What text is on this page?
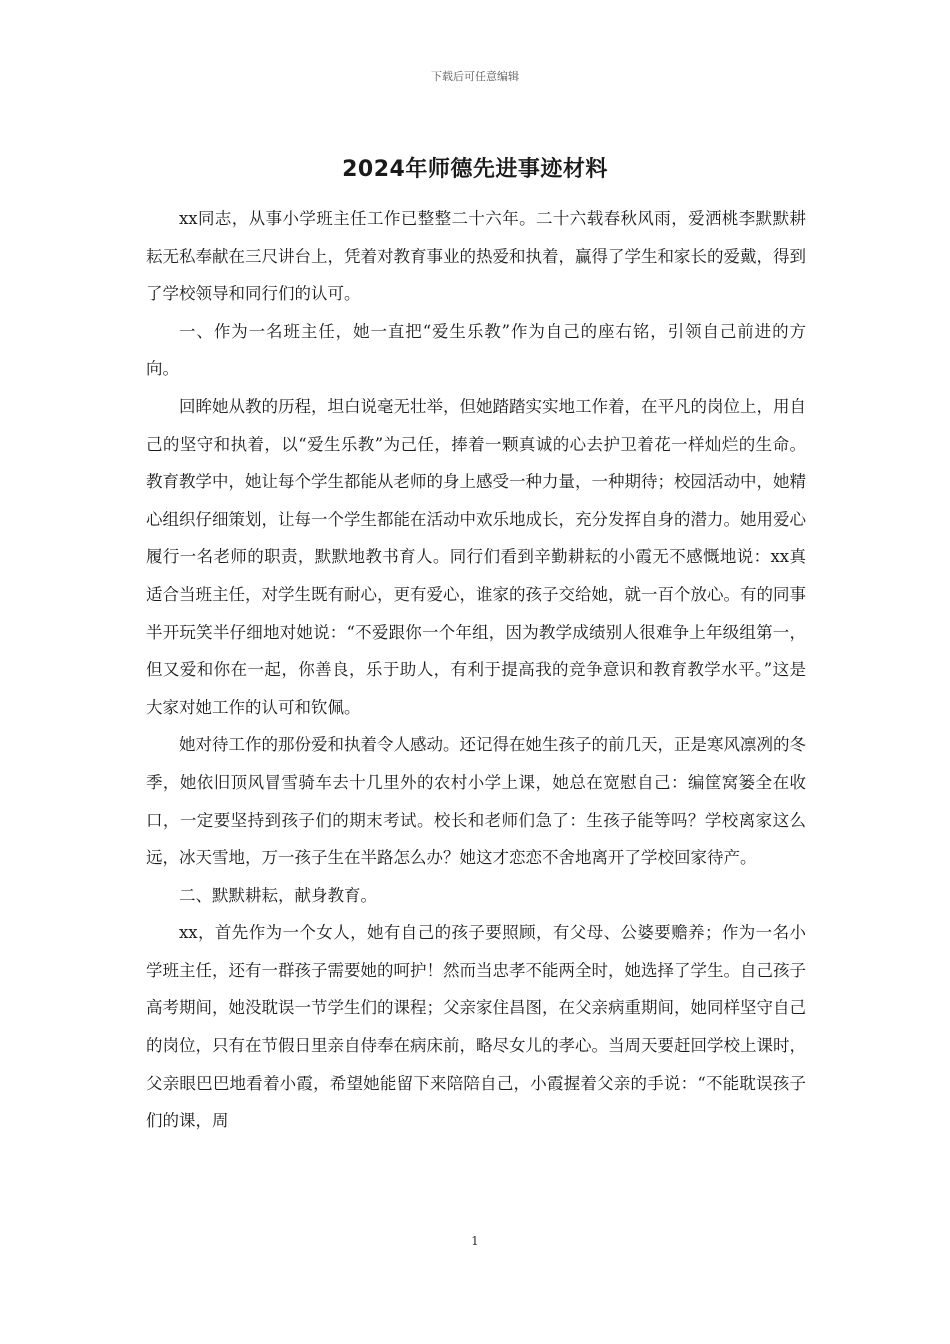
下载后可任意编辑
2024年师德先进事迹材料

xx同志，从事小学班主任工作已整整二十六年。二十六载春秋风雨，爱洒桃李默默耕耘无私奉献在三尺讲台上，凭着对教育事业的热爱和执着，赢得了学生和家长的爱戴，得到了学校领导和同行们的认可。

一、作为一名班主任，她一直把“爱生乐教”作为自己的座右铭，引领自己前进的方向。

回眸她从教的历程，坦白说毫无壮举，但她踏踏实实地工作着，在平凡的岗位上，用自己的坚守和执着，以“爱生乐教”为己任，捧着一颗真诚的心去护卫着花一样灿烂的生命。教育教学中，她让每个学生都能从老师的身上感受一种力量，一种期待；校园活动中，她精心组织仔细策划，让每一个学生都能在活动中欢乐地成长，充分发挥自身的潜力。她用爱心履行一名老师的职责，默默地教书育人。同行们看到辛勤耕耘的小霞无不感慨地说：xx真适合当班主任，对学生既有耐心，更有爱心，谁家的孩子交给她，就一百个放心。有的同事半开玩笑半仔细地对她说：“不爱跟你一个年组，因为教学成绩别人很难争上年级组第一，但又爱和你在一起，你善良，乐于助人，有利于提高我的竞争意识和教育教学水平。”这是大家对她工作的认可和钦佩。

她对待工作的那份爱和执着令人感动。还记得在她生孩子的前几天，正是寒风凛冽的冬季，她依旧顶风冒雪骑车去十几里外的农村小学上课，她总在宽慰自己：编筐窝篓全在收口，一定要坚持到孩子们的期末考试。校长和老师们急了：生孩子能等吗？学校离家这么远，冰天雪地，万一孩子生在半路怎么办？她这才恋恋不舍地离开了学校回家待产。

二、默默耕耘，献身教育。

xx，首先作为一个女人，她有自己的孩子要照顾，有父母、公婆要赡养；作为一名小学班主任，还有一群孩子需要她的呵护！然而当忠孝不能两全时，她选择了学生。自己孩子高考期间，她没耽误一节学生们的课程；父亲家住昌图，在父亲病重期间，她同样坚守自己的岗位，只有在节假日里亲自侍奉在病床前，略尽女儿的孝心。当周天要赶回学校上课时，父亲眼巴巴地看着小霞，希望她能留下来陪陪自己，小霞握着父亲的手说：“不能耽误孩子们的课，周

1
